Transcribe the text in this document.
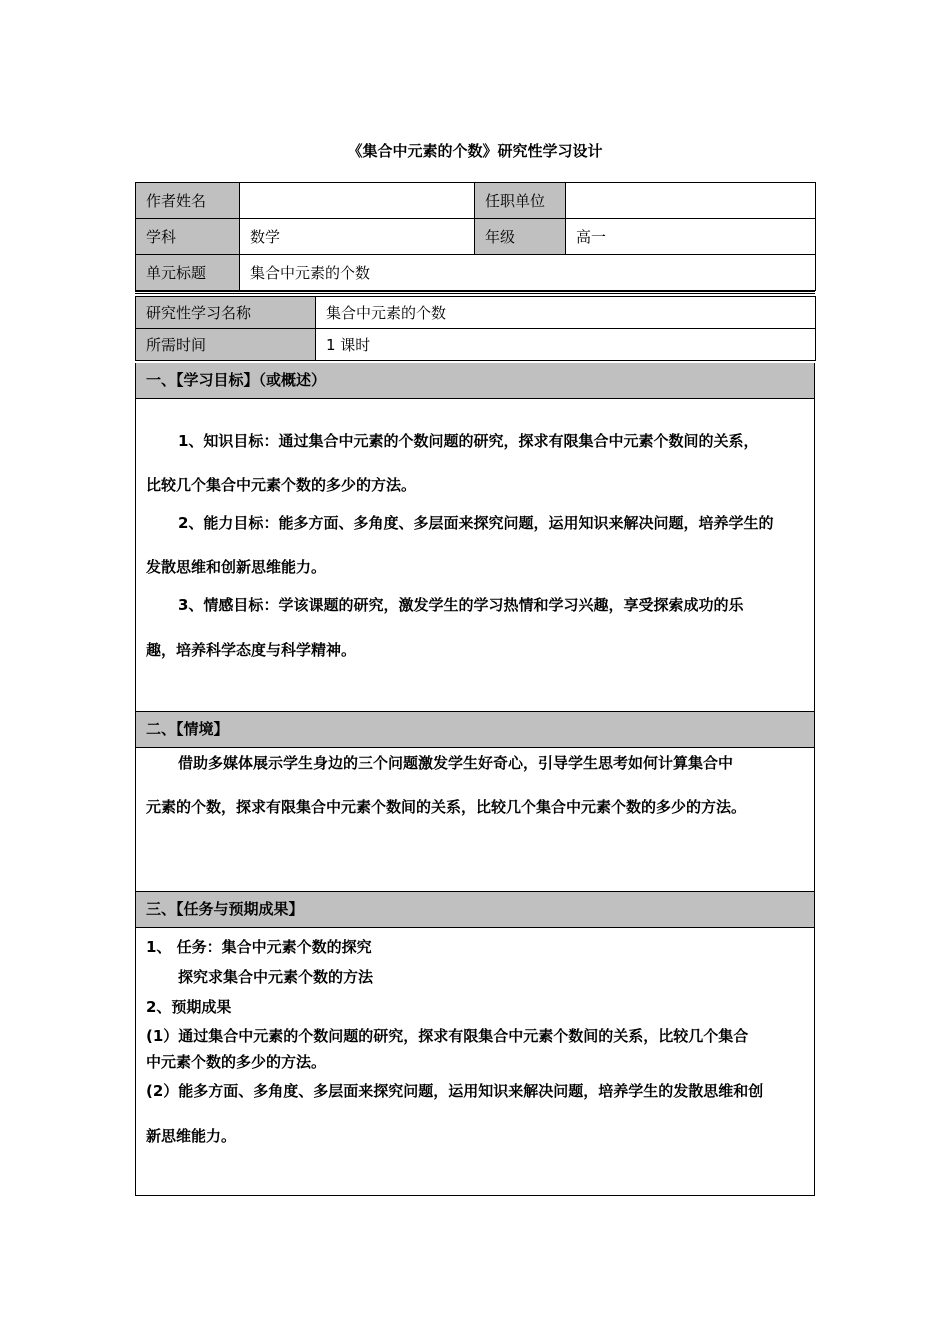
《集合中元素的个数》研究性学习设计
作者姓名		任职单位	
学科	数学	年级	高一
单元标题	集合中元素的个数		
研究性学习名称	集合中元素的个数
所需时间	1 课时
一、【学习目标】（或概述）
1、知识目标：通过集合中元素的个数问题的研究，探求有限集合中元素个数间的关系，
比较几个集合中元素个数的多少的方法。
2、能力目标：能多方面、多角度、多层面来探究问题，运用知识来解决问题，培养学生的
发散思维和创新思维能力。
3、情感目标：学该课题的研究，激发学生的学习热情和学习兴趣，享受探索成功的乐
趣，培养科学态度与科学精神。
二、【情境】
借助多媒体展示学生身边的三个问题激发学生好奇心，引导学生思考如何计算集合中
元素的个数，探求有限集合中元素个数间的关系，比较几个集合中元素个数的多少的方法。
三、【任务与预期成果】
1、 任务：集合中元素个数的探究
探究求集合中元素个数的方法
2、预期成果
(1）通过集合中元素的个数问题的研究，探求有限集合中元素个数间的关系，比较几个集合
中元素个数的多少的方法。
(2）能多方面、多角度、多层面来探究问题，运用知识来解决问题，培养学生的发散思维和创
新思维能力。
